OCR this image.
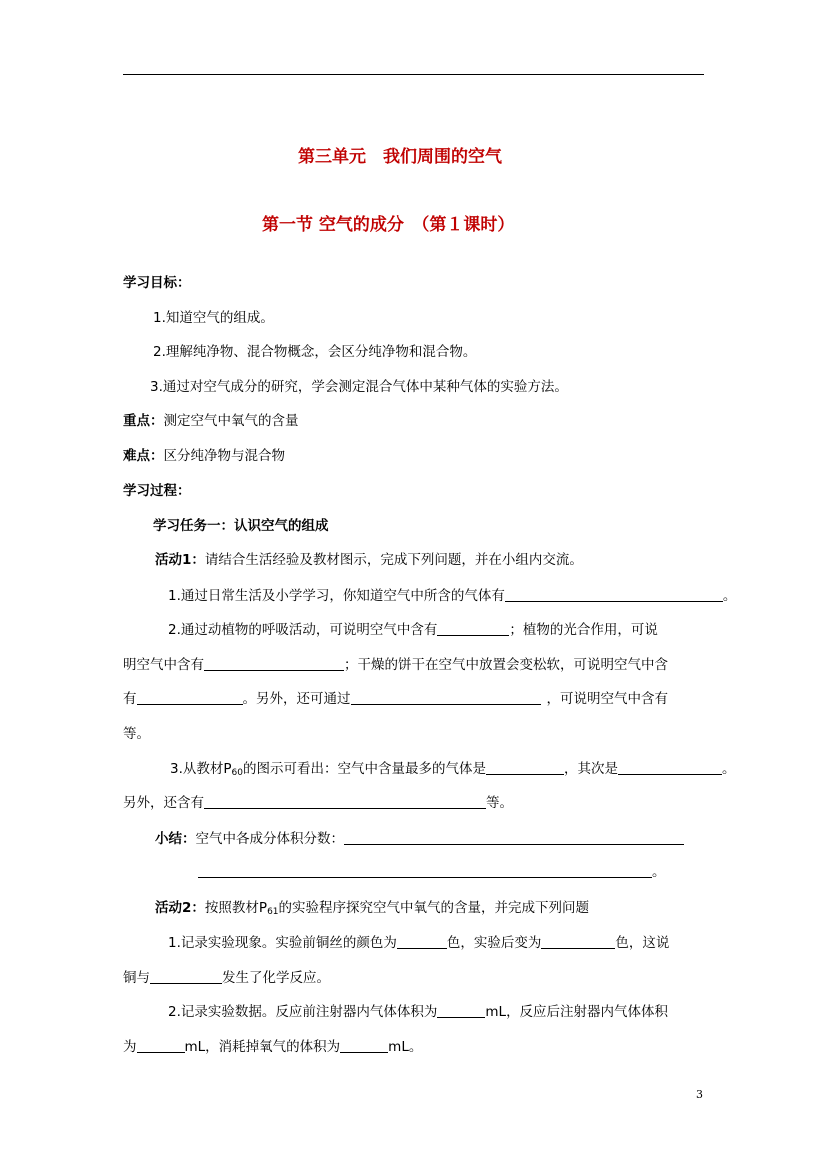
第三单元　我们周围的空气
第一节 空气的成分　（第１课时）
学习目标：
1.知道空气的组成。
2.理解纯净物、混合物概念，会区分纯净物和混合物。
3.通过对空气成分的研究，学会测定混合气体中某种气体的实验方法。
重点：测定空气中氧气的含量
难点：区分纯净物与混合物
学习过程：
学习任务一：认识空气的组成
活动1：请结合生活经验及教材图示，完成下列问题，并在小组内交流。
1.通过日常生活及小学学习，你知道空气中所含的气体有	。
2.通过动植物的呼吸活动，可说明空气中含有	；植物的光合作用，可说
明空气中含有	；干燥的饼干在空气中放置会变松软，可说明空气中含
有	。另外，还可通过	，可说明空气中含有
等。
3.从教材$P_{60}$的图示可看出：空气中含量最多的气体是	，其次是	。
另外，还含有	等。
小结：空气中各成分体积分数：
。
活动2：按照教材$P_{61}$的实验程序探究空气中氧气的含量，并完成下列问题
1.记录实验现象。实验前铜丝的颜色为	色，实验后变为	色，这说
铜与	发生了化学反应。
2.记录实验数据。反应前注射器内气体体积为	mL，反应后注射器内气体体积
为	mL，消耗掉氧气的体积为	mL。
3
